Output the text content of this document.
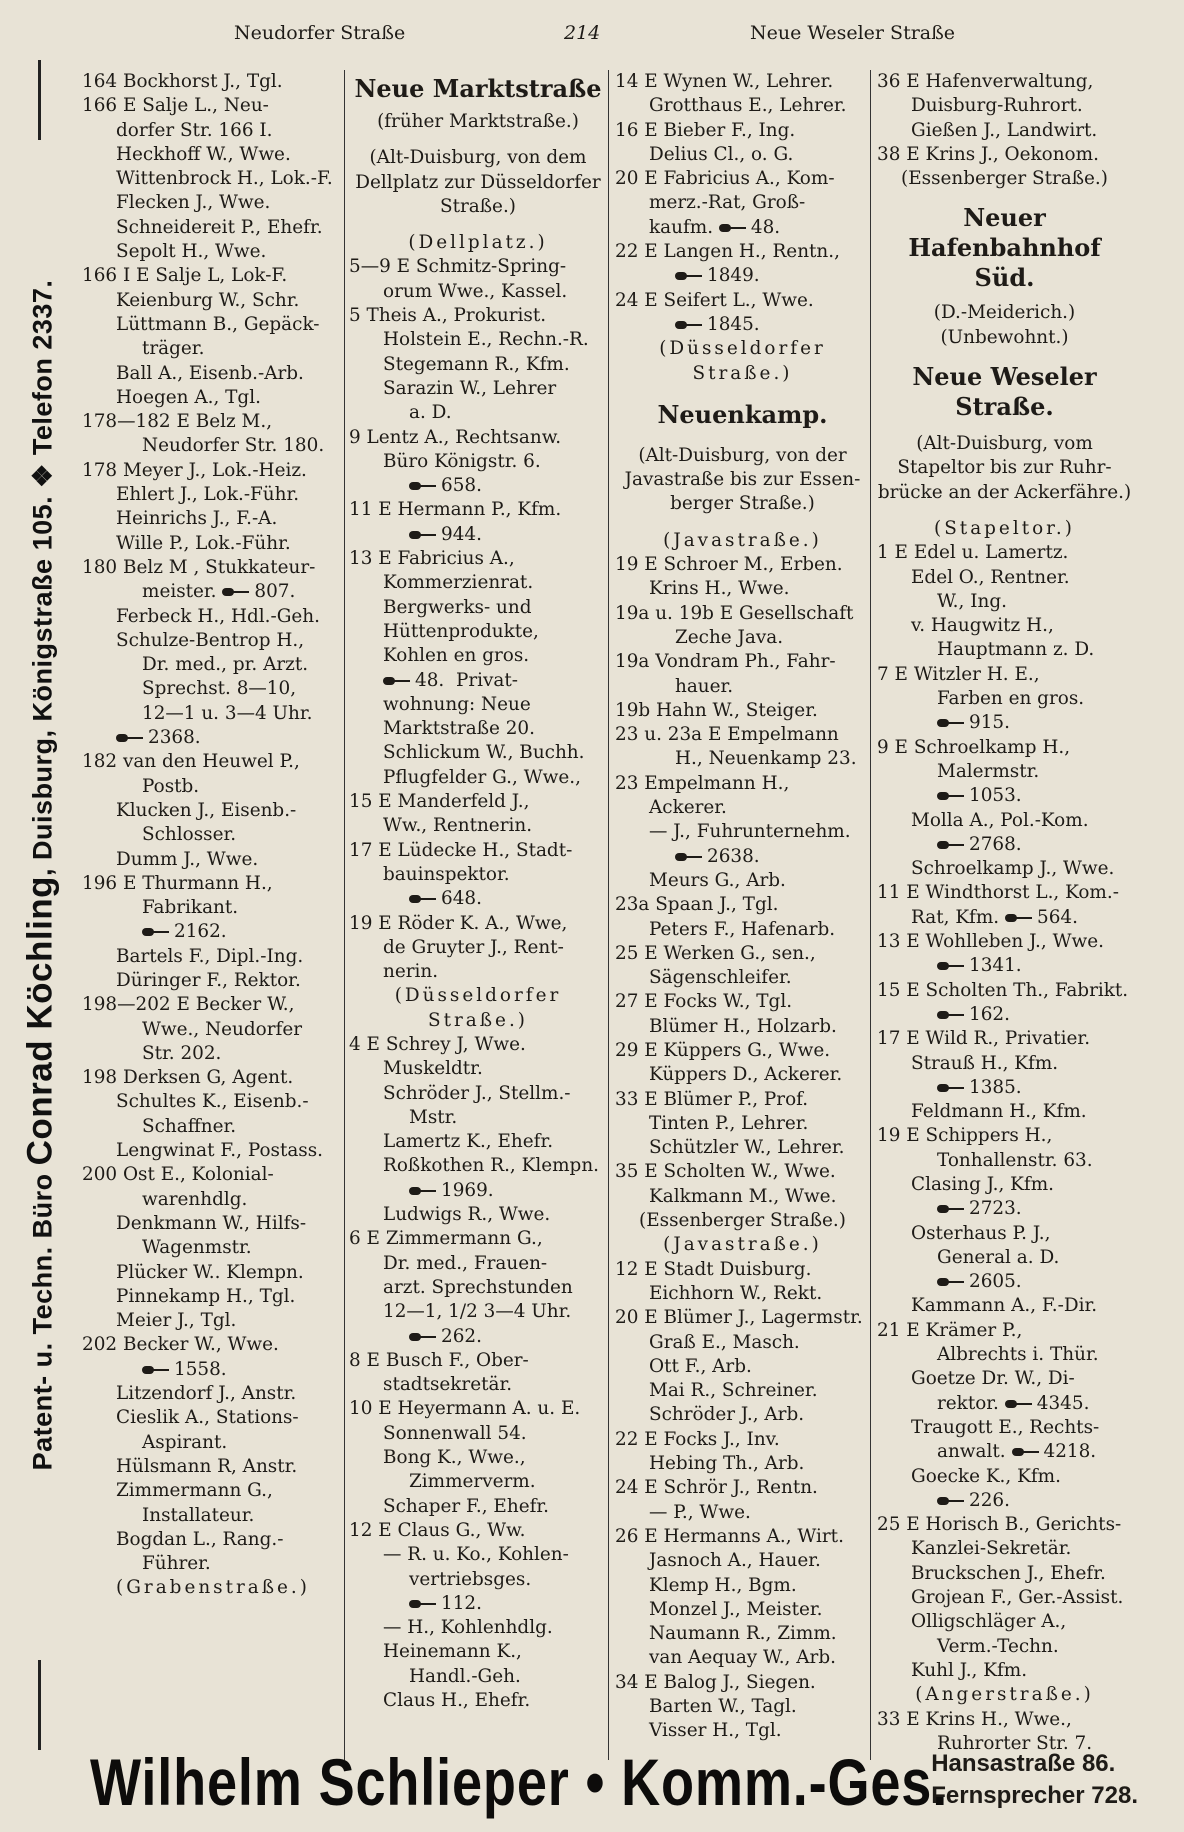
Patent- u. Techn. Büro Conrad Köchling, Duisburg, Königstraße 105. ❖ Telefon 2337.
Neudorfer Straße	214	Neue Weseler Straße

164 Bockhorst J., Tgl.

166 E Salje L., Neu-

dorfer Str. 166 I.

Heckhoff W., Wwe.

Wittenbrock H., Lok.-F.

Flecken J., Wwe.

Schneidereit P., Ehefr.

Sepolt H., Wwe.

166 I E Salje L, Lok-F.

Keienburg W., Schr.

Lüttmann B., Gepäck-

träger.

Ball A., Eisenb.-Arb.

Hoegen A., Tgl.

178—182 E Belz M.,

Neudorfer Str. 180.

178 Meyer J., Lok.-Heiz.

Ehlert J., Lok.-Führ.

Heinrichs J., F.-A.

Wille P., Lok.-Führ.

180 Belz M , Stukkateur-

meister. 807.

Ferbeck H., Hdl.-Geh.

Schulze-Bentrop H.,

Dr. med., pr. Arzt.

Sprechst. 8—10,

12—1 u. 3—4 Uhr.

2368.

182 van den Heuwel P.,

Postb.

Klucken J., Eisenb.-

Schlosser.

Dumm J., Wwe.

196 E Thurmann H.,

Fabrikant.

2162.

Bartels F., Dipl.-Ing.

Düringer F., Rektor.

198—202 E Becker W.,

Wwe., Neudorfer

Str. 202.

198 Derksen G, Agent.

Schultes K., Eisenb.-

Schaffner.

Lengwinat F., Postass.

200 Ost E., Kolonial-

warenhdlg.

Denkmann W., Hilfs-

Wagenmstr.

Plücker W.. Klempn.

Pinnekamp H., Tgl.

Meier J., Tgl.

202 Becker W., Wwe.

1558.

Litzendorf J., Anstr.

Cieslik A., Stations-

Aspirant.

Hülsmann R, Anstr.

Zimmermann G.,

Installateur.

Bogdan L., Rang.-

Führer.

(Grabenstraße.)

Neue Marktstraße

(früher Marktstraße.)

(Alt-Duisburg, von dem

Dellplatz zur Düsseldorfer

Straße.)

(Dellplatz.)

5—9 E Schmitz-Spring-

orum Wwe., Kassel.

5 Theis A., Prokurist.

Holstein E., Rechn.-R.

Stegemann R., Kfm.

Sarazin W., Lehrer

a. D.

9 Lentz A., Rechtsanw.

Büro Königstr. 6.

658.

11 E Hermann P., Kfm.

944.

13 E Fabricius A.,

Kommerzienrat.

Bergwerks- und

Hüttenprodukte,

Kohlen en gros.

48. Privat-

wohnung: Neue

Marktstraße 20.

Schlickum W., Buchh.

Pflugfelder G., Wwe.,

15 E Manderfeld J.,

Ww., Rentnerin.

17 E Lüdecke H., Stadt-

bauinspektor.

648.

19 E Röder K. A., Wwe,

de Gruyter J., Rent-

nerin.

(Düsseldorfer

Straße.)

4 E Schrey J, Wwe.

Muskeldtr.

Schröder J., Stellm.-

Mstr.

Lamertz K., Ehefr.

Roßkothen R., Klempn.

1969.

Ludwigs R., Wwe.

6 E Zimmermann G.,

Dr. med., Frauen-

arzt. Sprechstunden

12—1, 1/2 3—4 Uhr.

262.

8 E Busch F., Ober-

stadtsekretär.

10 E Heyermann A. u. E.

Sonnenwall 54.

Bong K., Wwe.,

Zimmerverm.

Schaper F., Ehefr.

12 E Claus G., Ww.

— R. u. Ko., Kohlen-

vertriebsges.

112.

— H., Kohlenhdlg.

Heinemann K.,

Handl.-Geh.

Claus H., Ehefr.

14 E Wynen W., Lehrer.

Grotthaus E., Lehrer.

16 E Bieber F., Ing.

Delius Cl., o. G.

20 E Fabricius A., Kom-

merz.-Rat, Groß-

kaufm. 48.

22 E Langen H., Rentn.,

1849.

24 E Seifert L., Wwe.

1845.

(Düsseldorfer

Straße.)

Neuenkamp.

(Alt-Duisburg, von der

Javastraße bis zur Essen-

berger Straße.)

(Javastraße.)

19 E Schroer M., Erben.

Krins H., Wwe.

19a u. 19b E Gesellschaft

Zeche Java.

19a Vondram Ph., Fahr-

hauer.

19b Hahn W., Steiger.

23 u. 23a E Empelmann

H., Neuenkamp 23.

23 Empelmann H., Ackerer.

— J., Fuhrunternehm.

2638.

Meurs G., Arb.

23a Spaan J., Tgl.

Peters F., Hafenarb.

25 E Werken G., sen.,

Sägenschleifer.

27 E Focks W., Tgl.

Blümer H., Holzarb.

29 E Küppers G., Wwe.

Küppers D., Ackerer.

33 E Blümer P., Prof.

Tinten P., Lehrer.

Schützler W., Lehrer.

35 E Scholten W., Wwe.

Kalkmann M., Wwe.

(Essenberger Straße.)

(Javastraße.)

12 E Stadt Duisburg.

Eichhorn W., Rekt.

20 E Blümer J., Lagermstr.

Graß E., Masch.

Ott F., Arb.

Mai R., Schreiner.

Schröder J., Arb.

22 E Focks J., Inv.

Hebing Th., Arb.

24 E Schrör J., Rentn.

— P., Wwe.

26 E Hermanns A., Wirt.

Jasnoch A., Hauer.

Klemp H., Bgm.

Monzel J., Meister.

Naumann R., Zimm.

van Aequay W., Arb.

34 E Balog J., Siegen.

Barten W., Tagl.

Visser H., Tgl.

36 E Hafenverwaltung,

Duisburg-Ruhrort.

Gießen J., Landwirt.

38 E Krins J., Oekonom.

(Essenberger Straße.)

Neuer Hafenbahnhof

Süd.

(D.-Meiderich.)

(Unbewohnt.)

Neue Weseler Straße.

(Alt-Duisburg, vom

Stapeltor bis zur Ruhr-

brücke an der Ackerfähre.)

(Stapeltor.)

1 E Edel u. Lamertz.

Edel O., Rentner.

W., Ing.

v. Haugwitz H.,

Hauptmann z. D.

7 E Witzler H. E.,

Farben en gros.

915.

9 E Schroelkamp H.,

Malermstr.

1053.

Molla A., Pol.-Kom.

2768.

Schroelkamp J., Wwe.

11 E Windthorst L., Kom.-

Rat, Kfm. 564.

13 E Wohlleben J., Wwe.

1341.

15 E Scholten Th., Fabrikt.

162.

17 E Wild R., Privatier.

Strauß H., Kfm.

1385.

Feldmann H., Kfm.

19 E Schippers H.,

Tonhallenstr. 63.

Clasing J., Kfm.

2723.

Osterhaus P. J.,

General a. D.

2605.

Kammann A., F.-Dir.

21 E Krämer P.,

Albrechts i. Thür.

Goetze Dr. W., Di-

rektor. 4345.

Traugott E., Rechts-

anwalt. 4218.

Goecke K., Kfm.

226.

25 E Horisch B., Gerichts-

Kanzlei-Sekretär.

Bruckschen J., Ehefr.

Grojean F., Ger.-Assist.

Olligschläger A.,

Verm.-Techn.

Kuhl J., Kfm.

(Angerstraße.)

33 E Krins H., Wwe.,

Ruhrorter Str. 7.

Wilhelm Schlieper • Komm.-Ges.
Hansastraße 86.
Fernsprecher 728.
